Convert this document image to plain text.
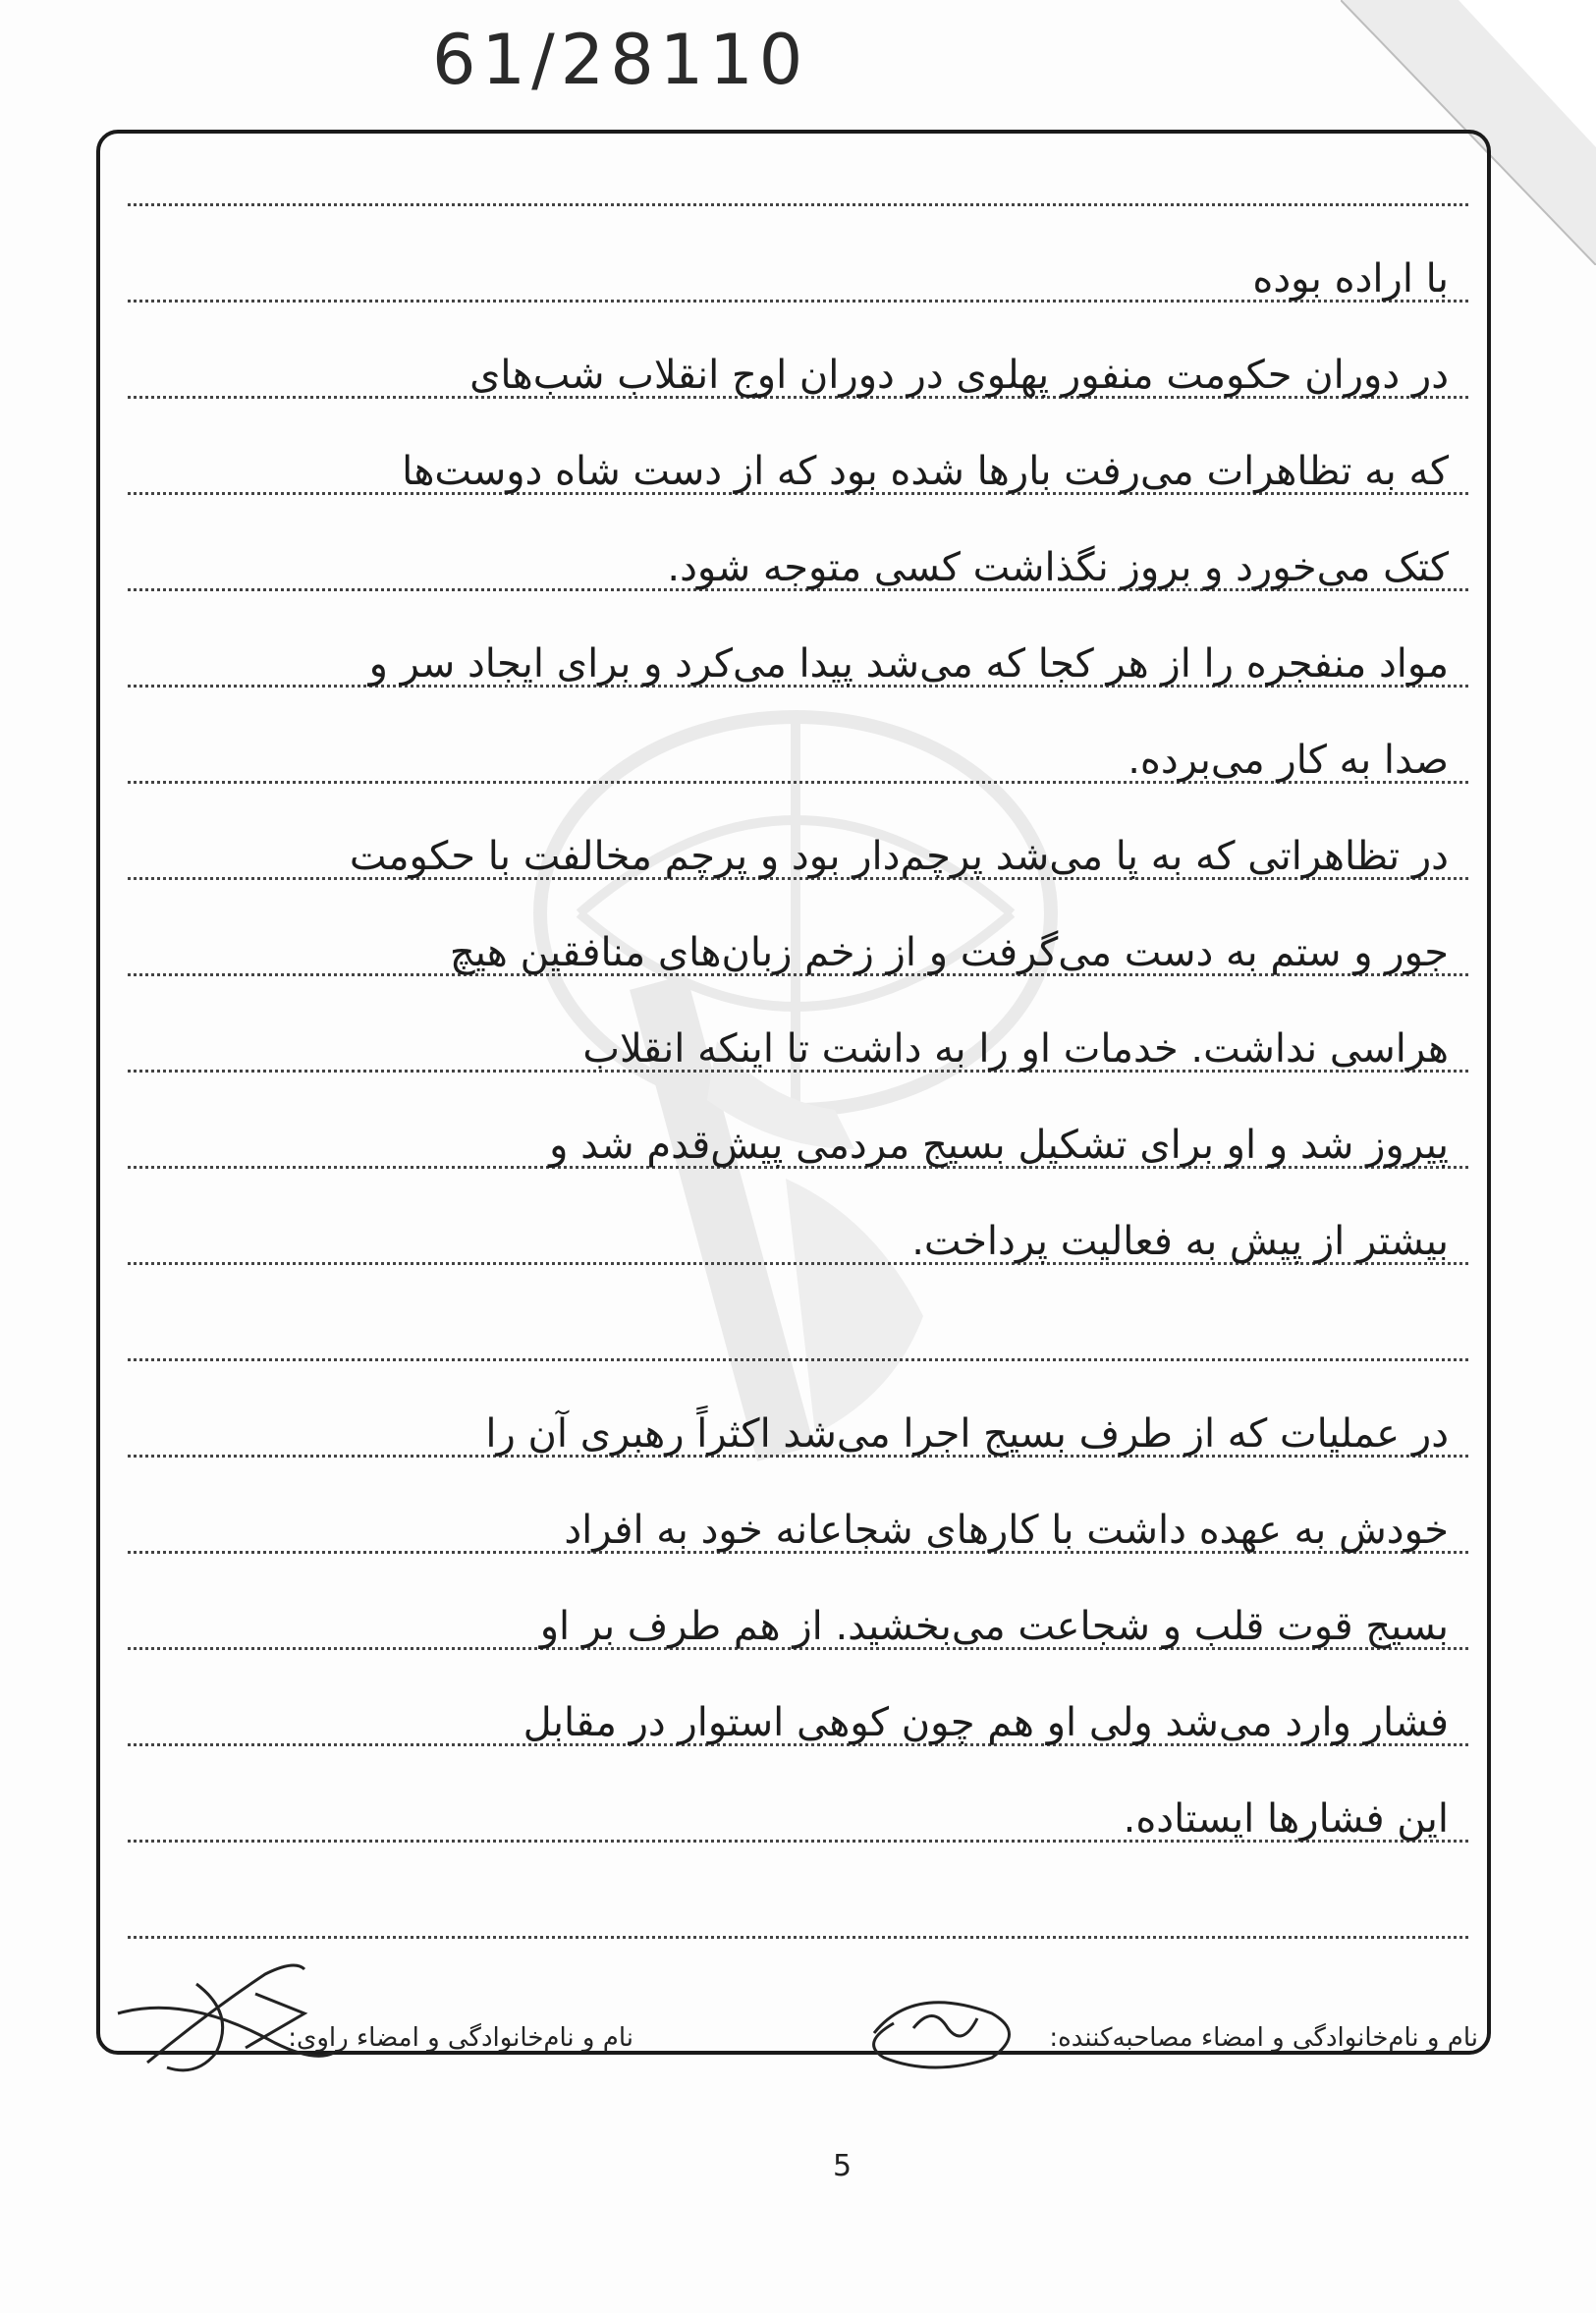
61/28110
با اراده بوده
در دوران حکومت منفور پهلوی در دوران اوج انقلاب شب‌های
که به تظاهرات می‌رفت بارها شده بود که از دست شاه دوست‌ها
کتک می‌خورد و بروز نگذاشت کسی متوجه شود.
مواد منفجره را از هر کجا که می‌شد پیدا می‌کرد و برای ایجاد سر و
صدا به کار می‌برده.
در تظاهراتی که به پا می‌شد پرچم‌دار بود و پرچم مخالفت با حکومت
جور و ستم به دست می‌گرفت و از زخم زبان‌های منافقین هیچ
هراسی نداشت. خدمات او را به داشت تا اینکه انقلاب
پیروز شد و او برای تشکیل بسیج مردمی پیش‌قدم شد و
بیشتر از پیش به فعالیت پرداخت.
در عملیات که از طرف بسیج اجرا می‌شد اکثراً رهبری آن را
خودش به عهده داشت با کارهای شجاعانه خود به افراد
بسیج قوت قلب و شجاعت می‌بخشید. از هم طرف بر او
فشار وارد می‌شد ولی او هم چون کوهی استوار در مقابل
این فشارها ایستاده.
نام و نام‌خانوادگی و امضاء مصاحبه‌کننده:
نام و نام‌خانوادگی و امضاء راوی:
5
